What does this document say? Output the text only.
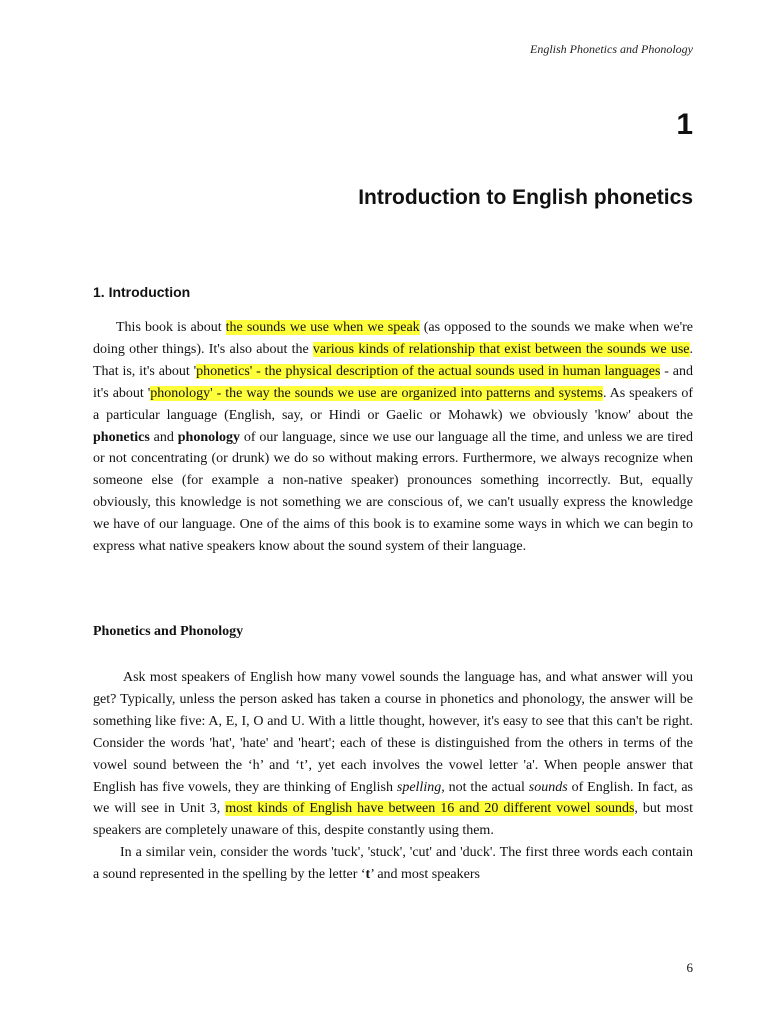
English Phonetics and Phonology
1
Introduction to English phonetics
1. Introduction
This book is about the sounds we use when we speak (as opposed to the sounds we make when we're doing other things). It's also about the various kinds of relationship that exist between the sounds we use. That is, it's about 'phonetics' - the physical description of the actual sounds used in human languages - and it's about 'phonology' - the way the sounds we use are organized into patterns and systems. As speakers of a particular language (English, say, or Hindi or Gaelic or Mohawk) we obviously 'know' about the phonetics and phonology of our language, since we use our language all the time, and unless we are tired or not concentrating (or drunk) we do so without making errors. Furthermore, we always recognize when someone else (for example a non-native speaker) pronounces something incorrectly. But, equally obviously, this knowledge is not something we are conscious of, we can't usually express the knowledge we have of our language. One of the aims of this book is to examine some ways in which we can begin to express what native speakers know about the sound system of their language.
Phonetics and Phonology
Ask most speakers of English how many vowel sounds the language has, and what answer will you get? Typically, unless the person asked has taken a course in phonetics and phonology, the answer will be something like five: A, E, I, O and U. With a little thought, however, it's easy to see that this can't be right. Consider the words 'hat', 'hate' and 'heart'; each of these is distinguished from the others in terms of the vowel sound between the ‘h’ and ‘t’, yet each involves the vowel letter 'a'. When people answer that English has five vowels, they are thinking of English spelling, not the actual sounds of English. In fact, as we will see in Unit 3, most kinds of English have between 16 and 20 different vowel sounds, but most speakers are completely unaware of this, despite constantly using them.
In a similar vein, consider the words 'tuck', 'stuck', 'cut' and 'duck'. The first three words each contain a sound represented in the spelling by the letter ‘t’ and most speakers
6
